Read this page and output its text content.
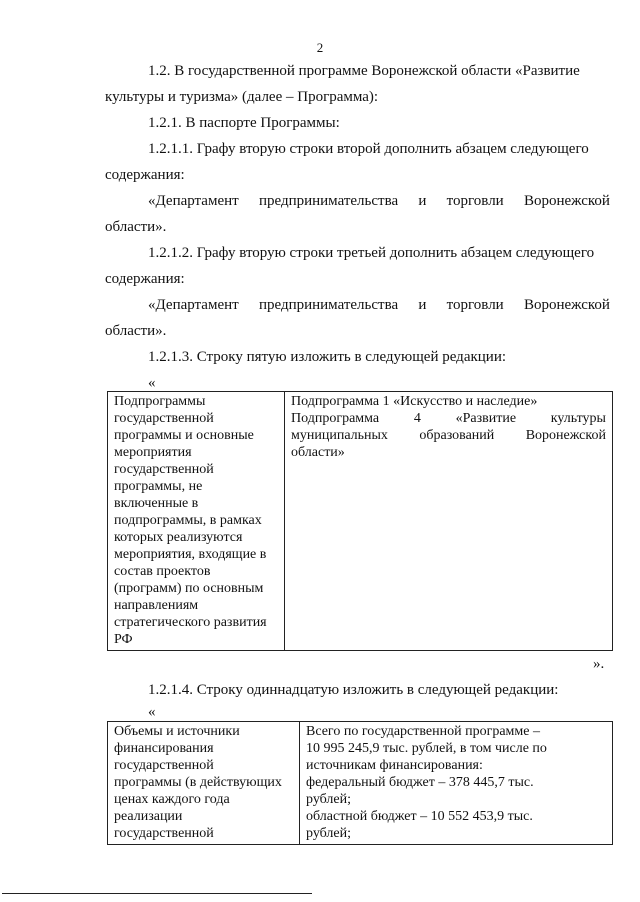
2
1.2. В государственной программе Воронежской области «Развитие
культуры и туризма» (далее – Программа):
1.2.1. В паспорте Программы:
1.2.1.1. Графу вторую строки второй дополнить абзацем следующего
содержания:
«Департамент предпринимательства и торговли Воронежской
области».
1.2.1.2. Графу вторую строки третьей дополнить абзацем следующего
содержания:
«Департамент предпринимательства и торговли Воронежской
области».
1.2.1.3. Строку пятую изложить в следующей редакции:
«
Подпрограммы
государственной
программы и основные
мероприятия
государственной
программы, не
включенные в
подпрограммы, в рамках
которых реализуются
мероприятия, входящие в
состав проектов
(программ) по основным
направлениям
стратегического развития
РФ

Подпрограмма 1 «Искусство и наследие»
Подпрограмма 4 «Развитие культуры
муниципальных образований Воронежской
области»
».
1.2.1.4. Строку одиннадцатую изложить в следующей редакции:
«
Объемы и источники
финансирования
государственной
программы (в действующих
ценах каждого года
реализации
государственной

Всего по государственной программе –
10 995 245,9 тыс. рублей, в том числе по
источникам финансирования:
федеральный бюджет – 378 445,7 тыс.
рублей;
областной бюджет – 10 552 453,9 тыс.
рублей;
